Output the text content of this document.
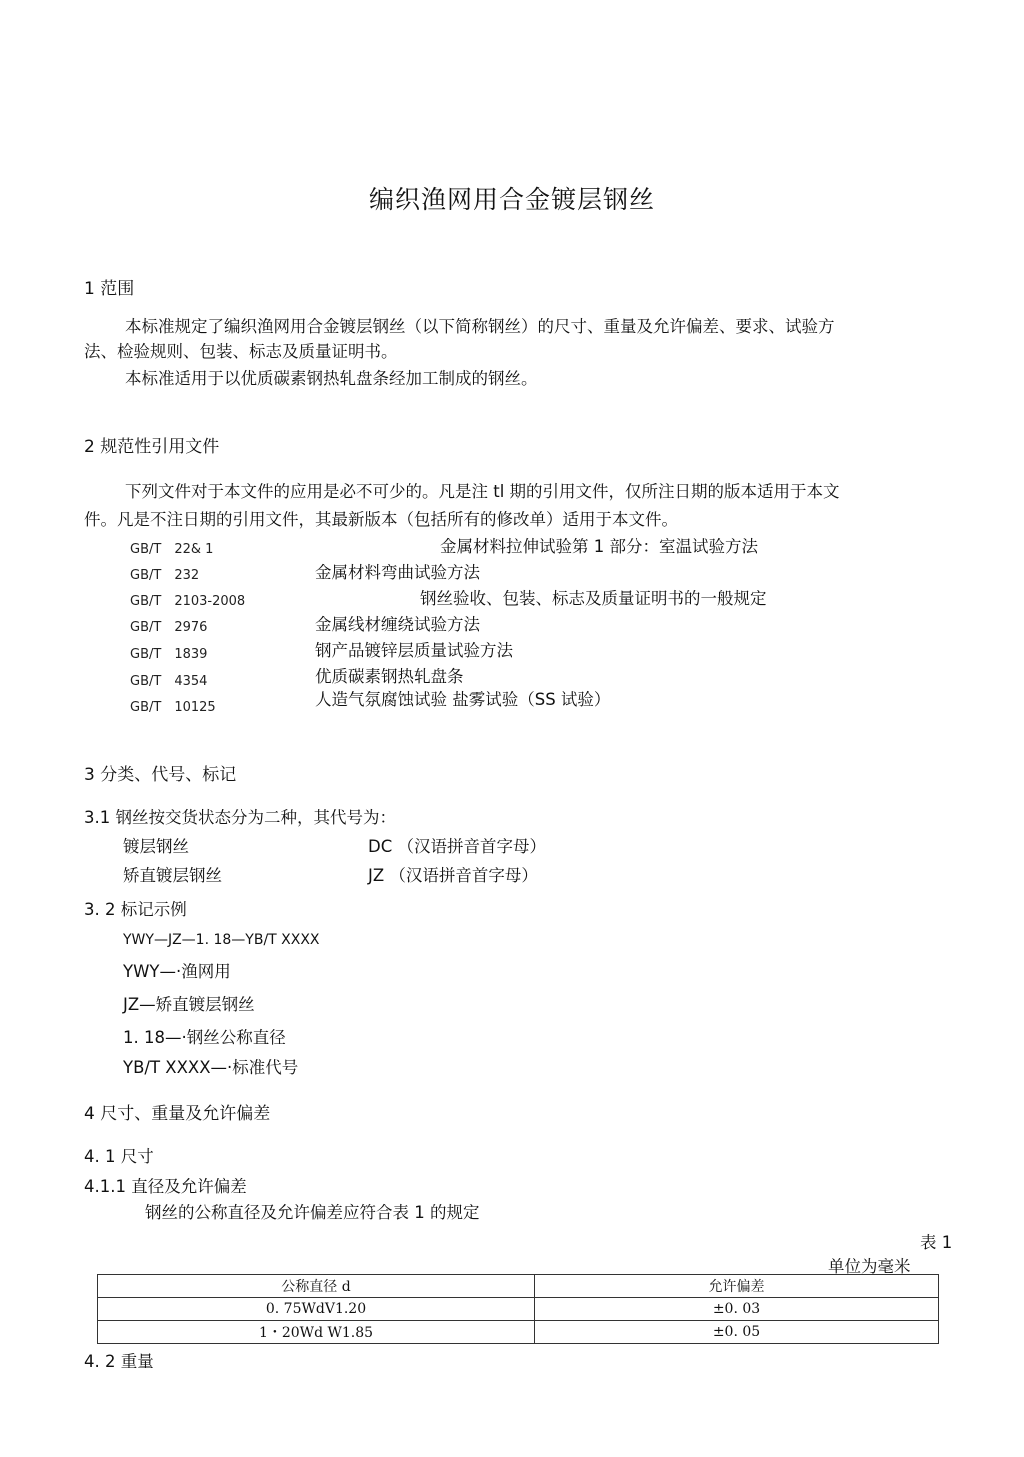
编织渔网用合金镀层钢丝
1 范围
本标准规定了编织渔网用合金镀层钢丝（以下简称钢丝）的尺寸、重量及允许偏差、要求、试验方
法、检验规则、包装、标志及质量证明书。
本标准适用于以优质碳素钢热轧盘条经加工制成的钢丝。
2 规范性引用文件
下列文件对于本文件的应用是必不可少的。凡是注 tl 期的引用文件，仅所注日期的版本适用于本文
件。凡是不注日期的引用文件，其最新版本（包括所有的修改单）适用于本文件。
GB/T　22& 1	金属材料拉伸试验第 1 部分：室温试验方法
GB/T　232	金属材料弯曲试验方法
GB/T　2103-2008	钢丝验收、包装、标志及质量证明书的一般规定
GB/T　2976	金属线材缠绕试验方法
GB/T　1839	钢产品镀锌层质量试验方法
GB/T　4354	优质碳素钢热轧盘条
GB/T　10125	人造气氛腐蚀试验 盐雾试验（SS 试验）
3 分类、代号、标记
3.1 钢丝按交货状态分为二种，其代号为：
镀层钢丝	DC （汉语拼音首字母）
矫直镀层钢丝	JZ （汉语拼音首字母）
3. 2 标记示例
YWY—JZ—1. 18—YB/T XXXX
YWY—·渔网用
JZ—矫直镀层钢丝
1. 18—·钢丝公称直径
YB/T XXXX—·标准代号
4 尺寸、重量及允许偏差
4. 1 尺寸
4.1.1 直径及允许偏差
钢丝的公称直径及允许偏差应符合表 1 的规定
表 1
单位为毫米
公称直径 d	允许偏差
0. 75WdV1.20	±0. 03
1・20Wd W1.85	±0. 05
4. 2 重量
